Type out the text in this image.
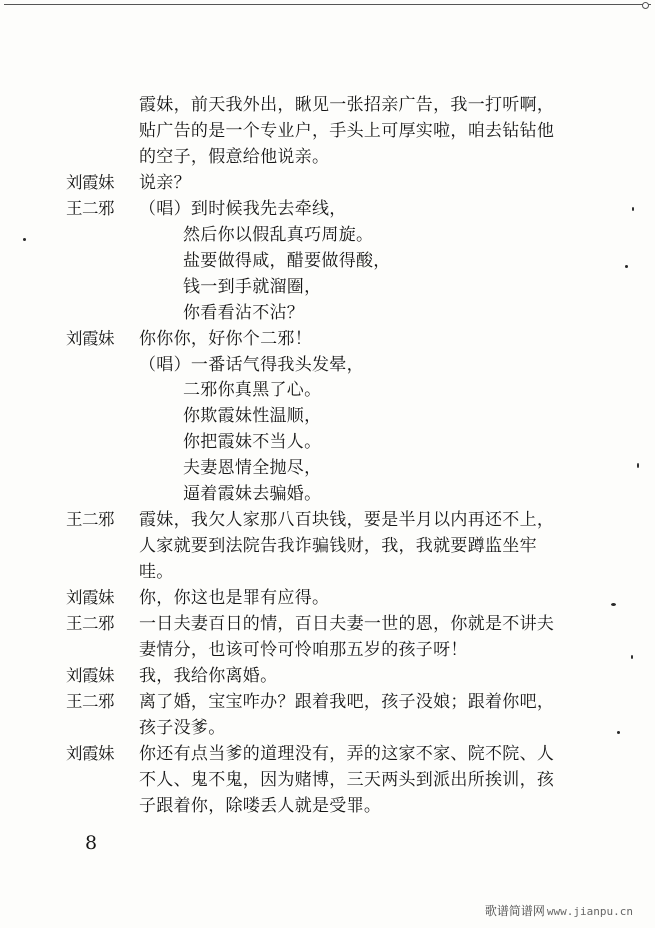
霞妹，前天我外出，瞅见一张招亲广告，我一打听啊，
贴广告的是一个专业户，手头上可厚实啦，咱去钻钻他
的空子，假意给他说亲。
刘霞妹 说亲？
王二邪 （唱）到时候我先去牵线，
然后你以假乱真巧周旋。
盐要做得咸，醋要做得酸，
钱一到手就溜圈，
你看看沾不沾？
刘霞妹 你你你，好你个二邪！
（唱）一番话气得我头发晕，
二邪你真黑了心。
你欺霞妹性温顺，
你把霞妹不当人。
夫妻恩情全抛尽，
逼着霞妹去骗婚。
王二邪 霞妹，我欠人家那八百块钱，要是半月以内再还不上，
人家就要到法院告我诈骗钱财，我，我就要蹲监坐牢
哇。
刘霞妹 你，你这也是罪有应得。
王二邪 一日夫妻百日的情，百日夫妻一世的恩，你就是不讲夫
妻情分，也该可怜可怜咱那五岁的孩子呀！
刘霞妹 我，我给你离婚。
王二邪 离了婚，宝宝咋办？跟着我吧，孩子没娘；跟着你吧，
孩子没爹。
刘霞妹 你还有点当爹的道理没有，弄的这家不家、院不院、人
不人、鬼不鬼，因为赌博，三天两头到派出所挨训，孩
子跟着你，除喽丢人就是受罪。
8
歌谱简谱网 www.jianpu.cn
